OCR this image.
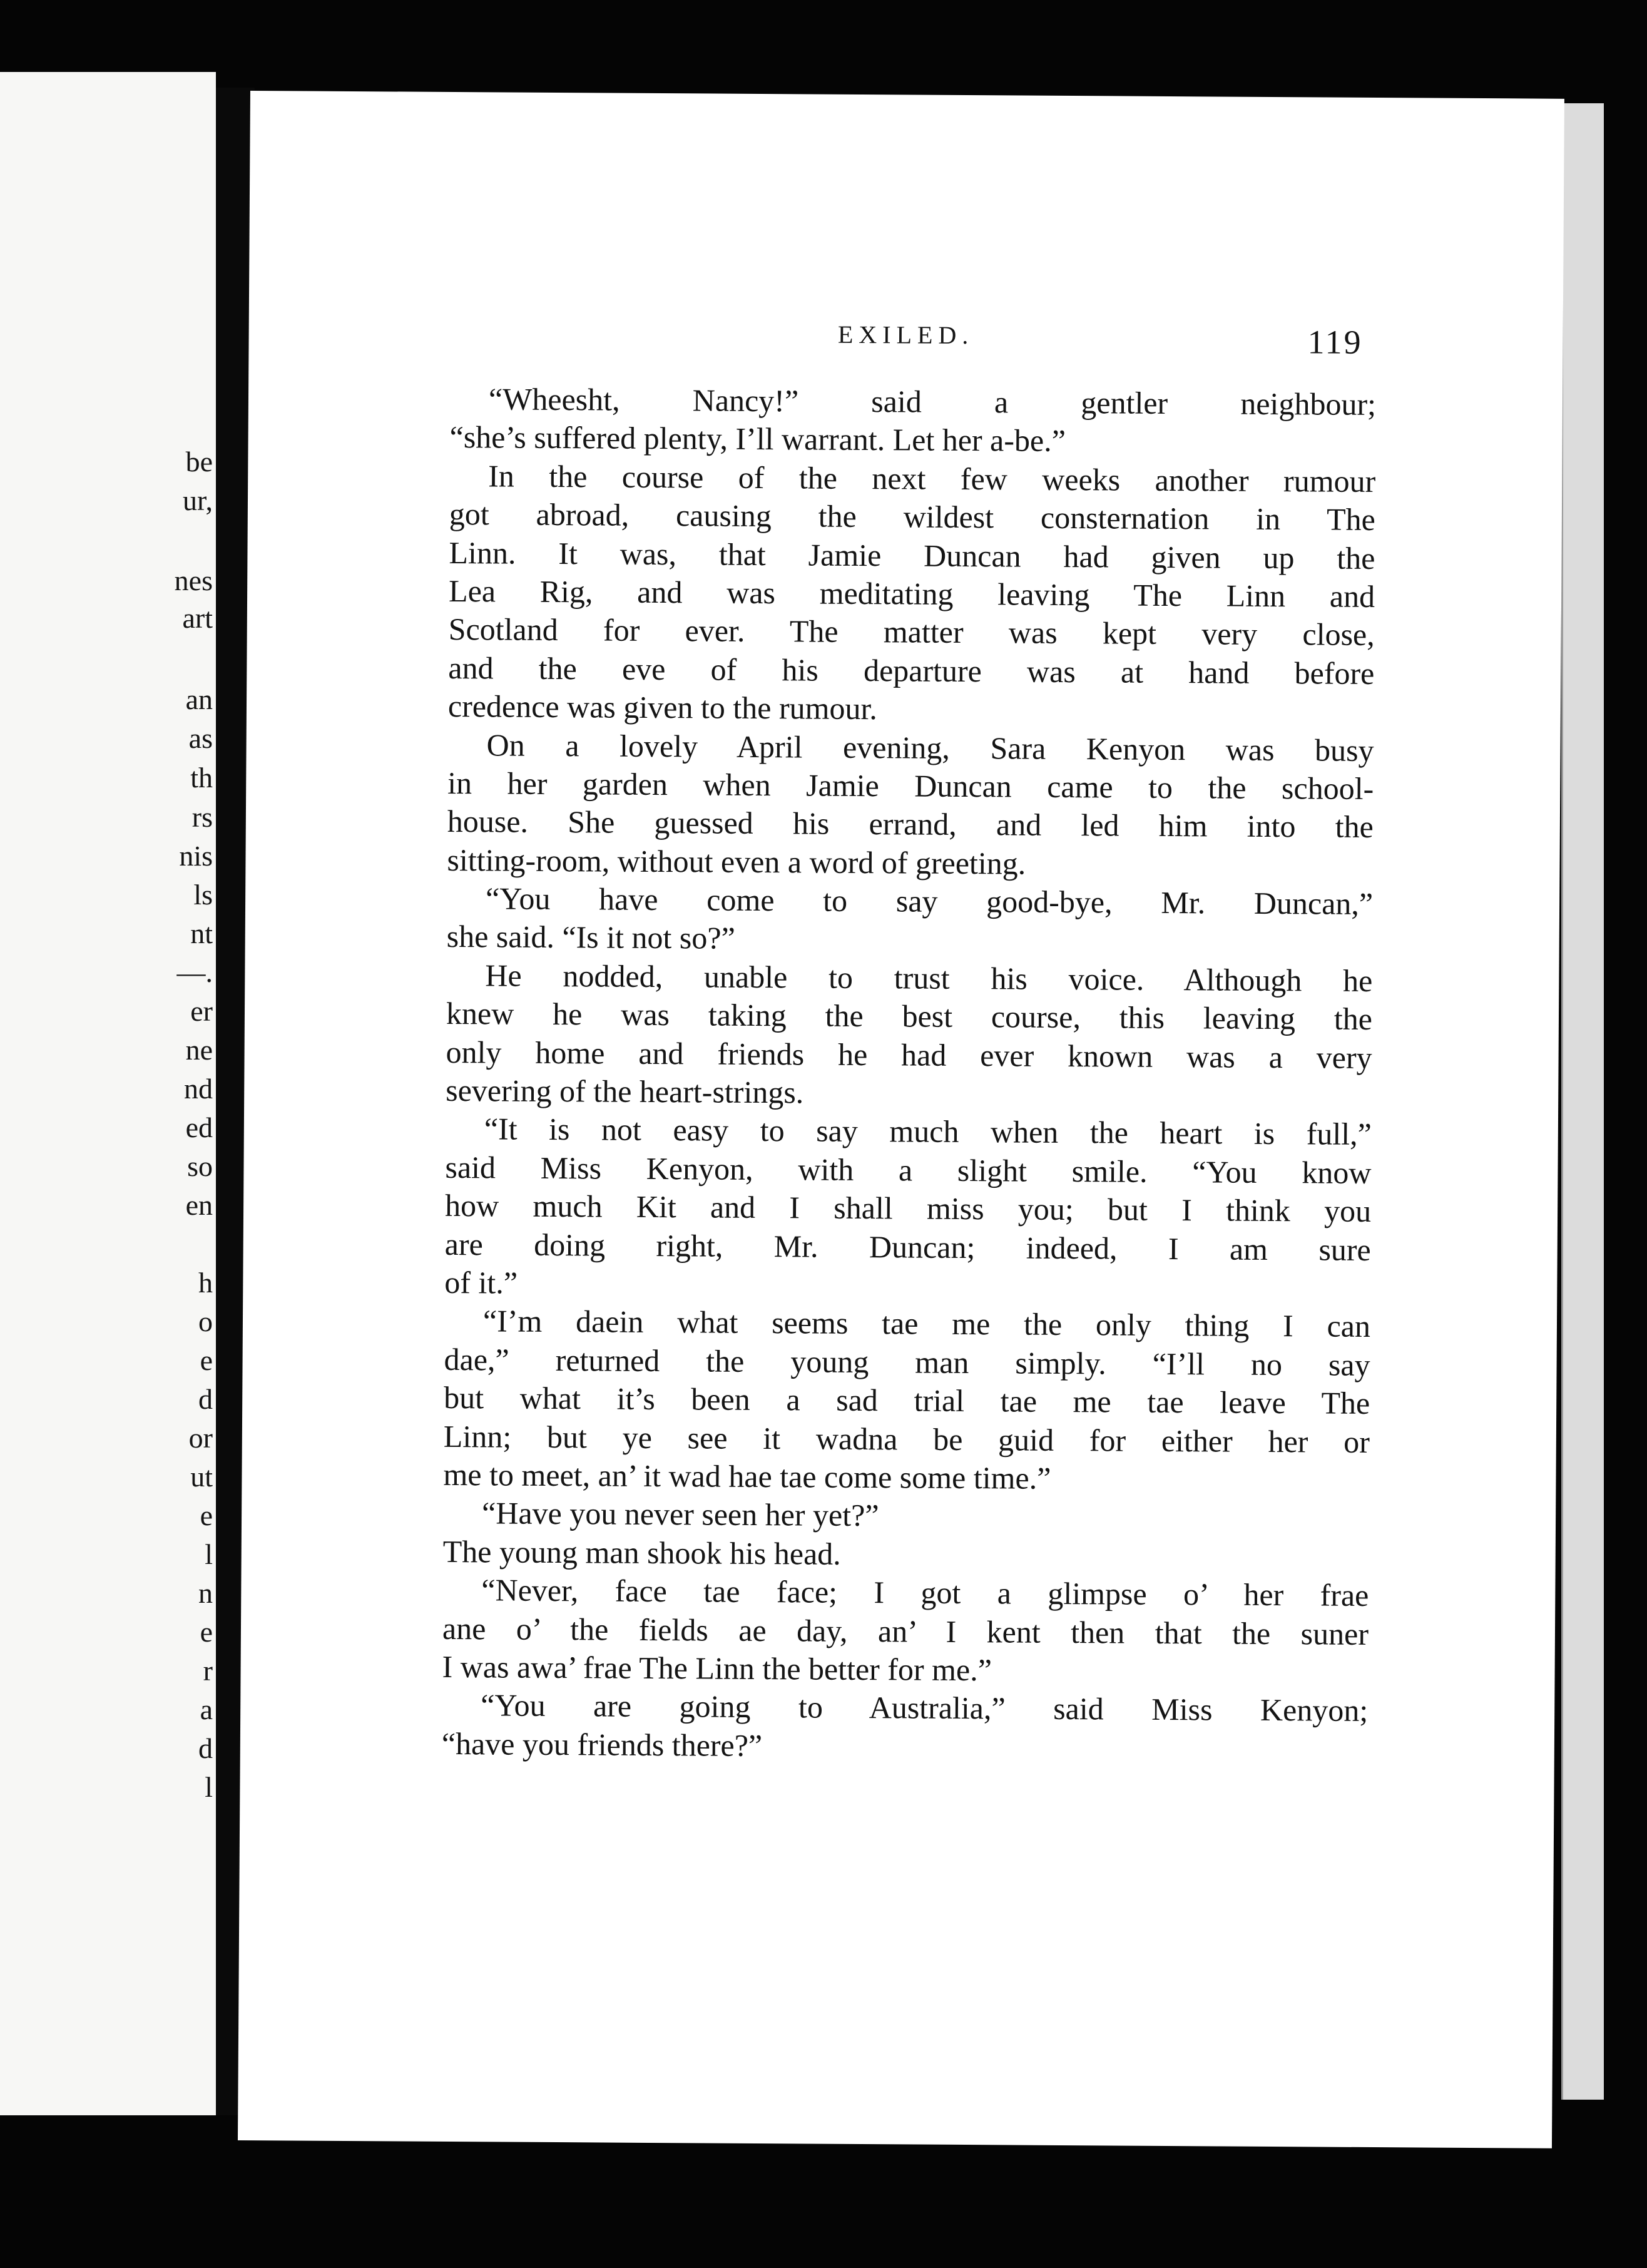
be
ur,
nes
art
an
as
th
rs
nis
ls
nt
—.
er
ne
nd
ed
so
en
h
o
e
d
or
ut
e
l
n
e
r
a
d
l
EXILED.	119
“Wheesht, Nancy!” said a gentler neighbour;
“she’s suffered plenty, I’ll warrant. Let her a-be.”
In the course of the next few weeks another rumour
got abroad, causing the wildest consternation in The
Linn. It was, that Jamie Duncan had given up the
Lea Rig, and was meditating leaving The Linn and
Scotland for ever. The matter was kept very close,
and the eve of his departure was at hand before
credence was given to the rumour.
On a lovely April evening, Sara Kenyon was busy
in her garden when Jamie Duncan came to the school-
house. She guessed his errand, and led him into the
sitting-room, without even a word of greeting.
“You have come to say good-bye, Mr. Duncan,”
she said. “Is it not so?”
He nodded, unable to trust his voice. Although he
knew he was taking the best course, this leaving the
only home and friends he had ever known was a very
severing of the heart-strings.
“It is not easy to say much when the heart is full,”
said Miss Kenyon, with a slight smile. “You know
how much Kit and I shall miss you; but I think you
are doing right, Mr. Duncan; indeed, I am sure
of it.”
“I’m daein what seems tae me the only thing I can
dae,” returned the young man simply. “I’ll no say
but what it’s been a sad trial tae me tae leave The
Linn; but ye see it wadna be guid for either her or
me to meet, an’ it wad hae tae come some time.”
“Have you never seen her yet?”
The young man shook his head.
“Never, face tae face; I got a glimpse o’ her frae
ane o’ the fields ae day, an’ I kent then that the suner
I was awa’ frae The Linn the better for me.”
“You are going to Australia,” said Miss Kenyon;
“have you friends there?”
